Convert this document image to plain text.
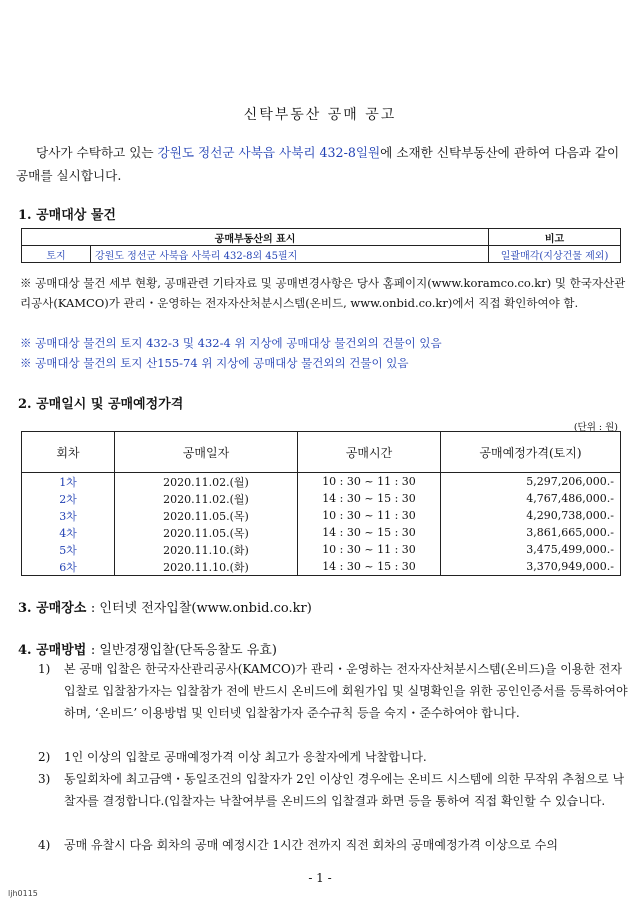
신탁부동산 공매 공고
당사가 수탁하고 있는 강원도 정선군 사북읍 사북리 432-8일원에 소재한 신탁부동산에 관하여 다음과 같이 공매를 실시합니다.
1. 공매대상 물건
공매부동산의 표시		비고
토지	강원도 정선군 사북읍 사북리 432-8외 45필지	일괄매각(지상건물 제외)
※ 공매대상 물건 세부 현황, 공매관련 기타자료 및 공매변경사항은 당사 홈페이지(www.koramco.co.kr) 및 한국자산관리공사(KAMCO)가 관리・운영하는 전자자산처분시스템(온비드, www.onbid.co.kr)에서 직접 확인하여야 함.
※ 공매대상 물건의 토지 432-3 및 432-4 위 지상에 공매대상 물건외의 건물이 있음
※ 공매대상 물건의 토지 산155-74 위 지상에 공매대상 물건외의 건물이 있음
2. 공매일시 및 공매예정가격
(단위 : 원)
회차	공매일자	공매시간	공매예정가격(토지)
1차	2020.11.02.(월)	10 : 30 ~ 11 : 30	5,297,206,000.-
2차	2020.11.02.(월)	14 : 30 ~ 15 : 30	4,767,486,000.-
3차	2020.11.05.(목)	10 : 30 ~ 11 : 30	4,290,738,000.-
4차	2020.11.05.(목)	14 : 30 ~ 15 : 30	3,861,665,000.-
5차	2020.11.10.(화)	10 : 30 ~ 11 : 30	3,475,499,000.-
6차	2020.11.10.(화)	14 : 30 ~ 15 : 30	3,370,949,000.-
3. 공매장소 : 인터넷 전자입찰(www.onbid.co.kr)
4. 공매방법 : 일반경쟁입찰(단독응찰도 유효)
1) 본 공매 입찰은 한국자산관리공사(KAMCO)가 관리・운영하는 전자자산처분시스템(온비드)을 이용한 전자입찰로 입찰참가자는 입찰참가 전에 반드시 온비드에 회원가입 및 실명확인을 위한 공인인증서를 등록하여야 하며, ‘온비드’ 이용방법 및 인터넷 입찰참가자 준수규칙 등을 숙지・준수하여야 합니다.
2) 1인 이상의 입찰로 공매예정가격 이상 최고가 응찰자에게 낙찰합니다.
3) 동일회차에 최고금액・동일조건의 입찰자가 2인 이상인 경우에는 온비드 시스템에 의한 무작위 추첨으로 낙찰자를 결정합니다.(입찰자는 낙찰여부를 온비드의 입찰결과 화면 등을 통하여 직접 확인할 수 있습니다.
4) 공매 유찰시 다음 회차의 공매 예정시간 1시간 전까지 직전 회차의 공매예정가격 이상으로 수의
- 1 -
ljh0115
